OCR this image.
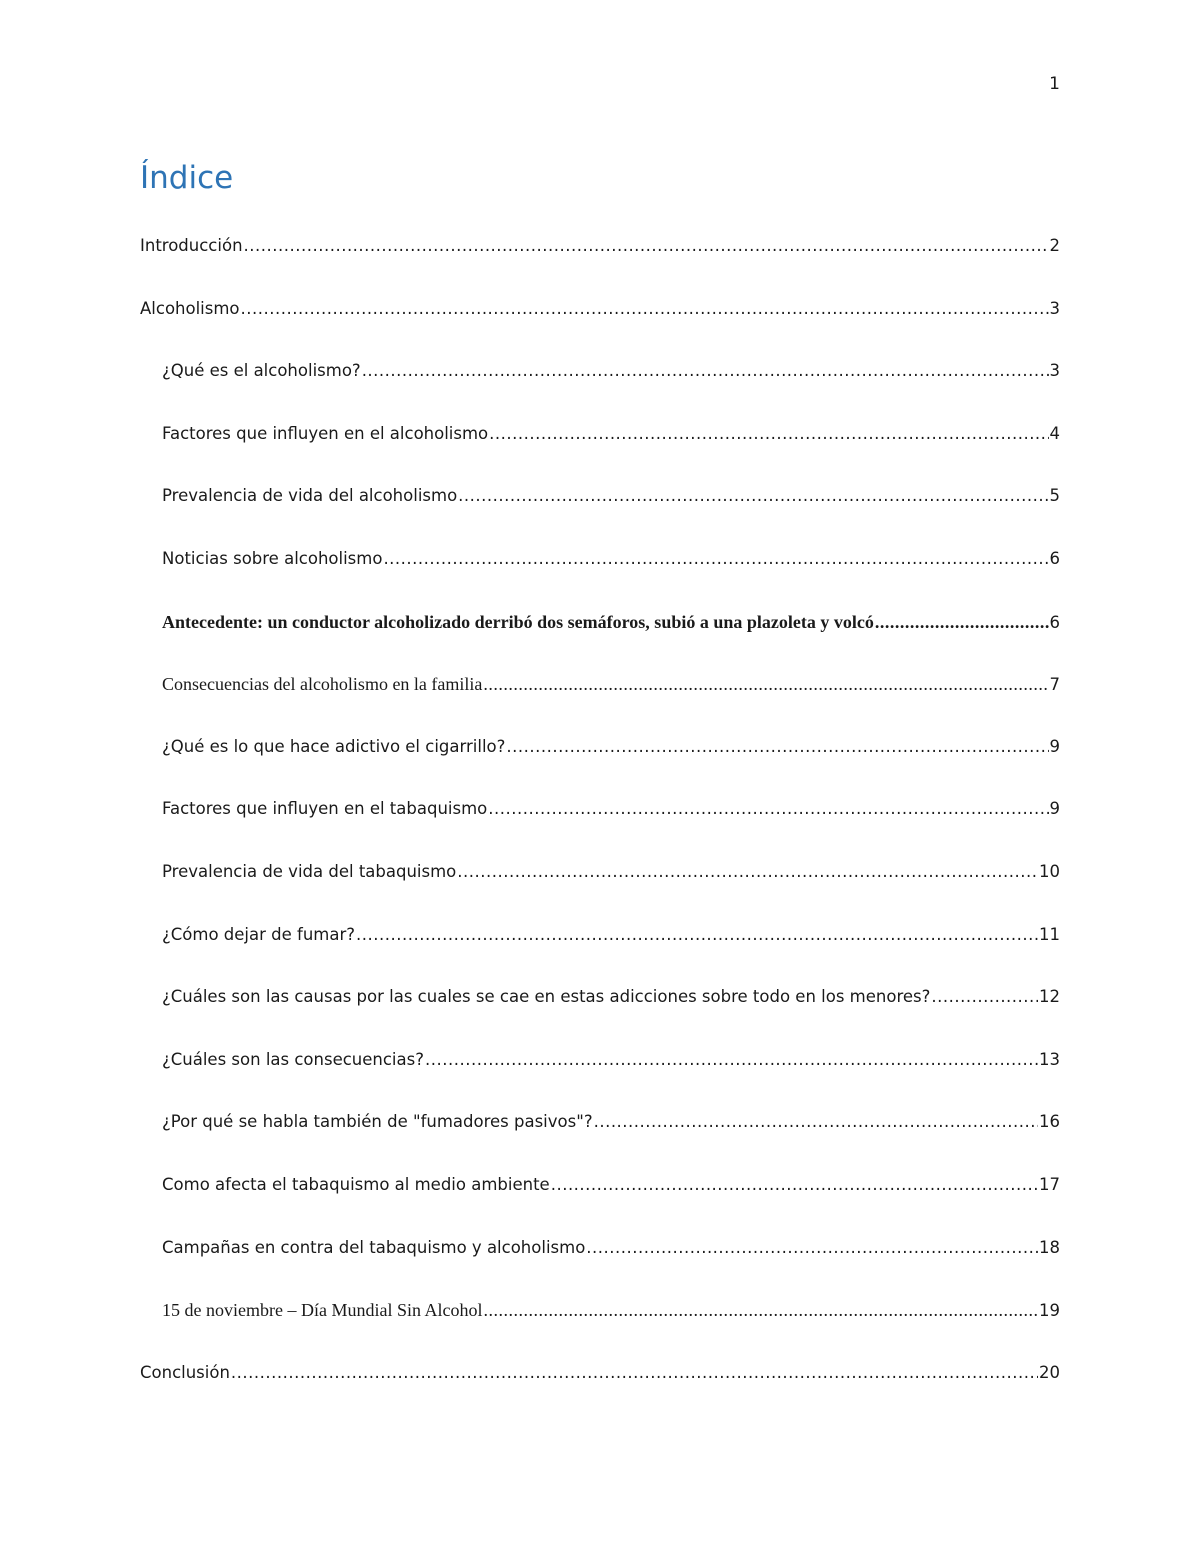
1
Índice
Introducción .....	2
Alcoholismo .....	3
¿Qué es el alcoholismo? .....	3
Factores que influyen en el alcoholismo .....	4
Prevalencia de vida del alcoholismo .....	5
Noticias sobre alcoholismo .....	6
Antecedente: un conductor alcoholizado derribó dos semáforos, subió a una plazoleta y volcó .....	6
Consecuencias del alcoholismo en la familia .....	7
¿Qué es lo que hace adictivo el cigarrillo? .....	9
Factores que influyen en el tabaquismo .....	9
Prevalencia de vida del tabaquismo .....	10
¿Cómo dejar de fumar? .....	11
¿Cuáles son las causas por las cuales se cae en estas adicciones sobre todo en los menores? .....	12
¿Cuáles son las consecuencias? .....	13
¿Por qué se habla también de "fumadores pasivos"? .....	16
Como afecta el tabaquismo al medio ambiente .....	17
Campañas en contra del tabaquismo y alcoholismo .....	18
15 de noviembre – Día Mundial Sin Alcohol .....	19
Conclusión .....	20
